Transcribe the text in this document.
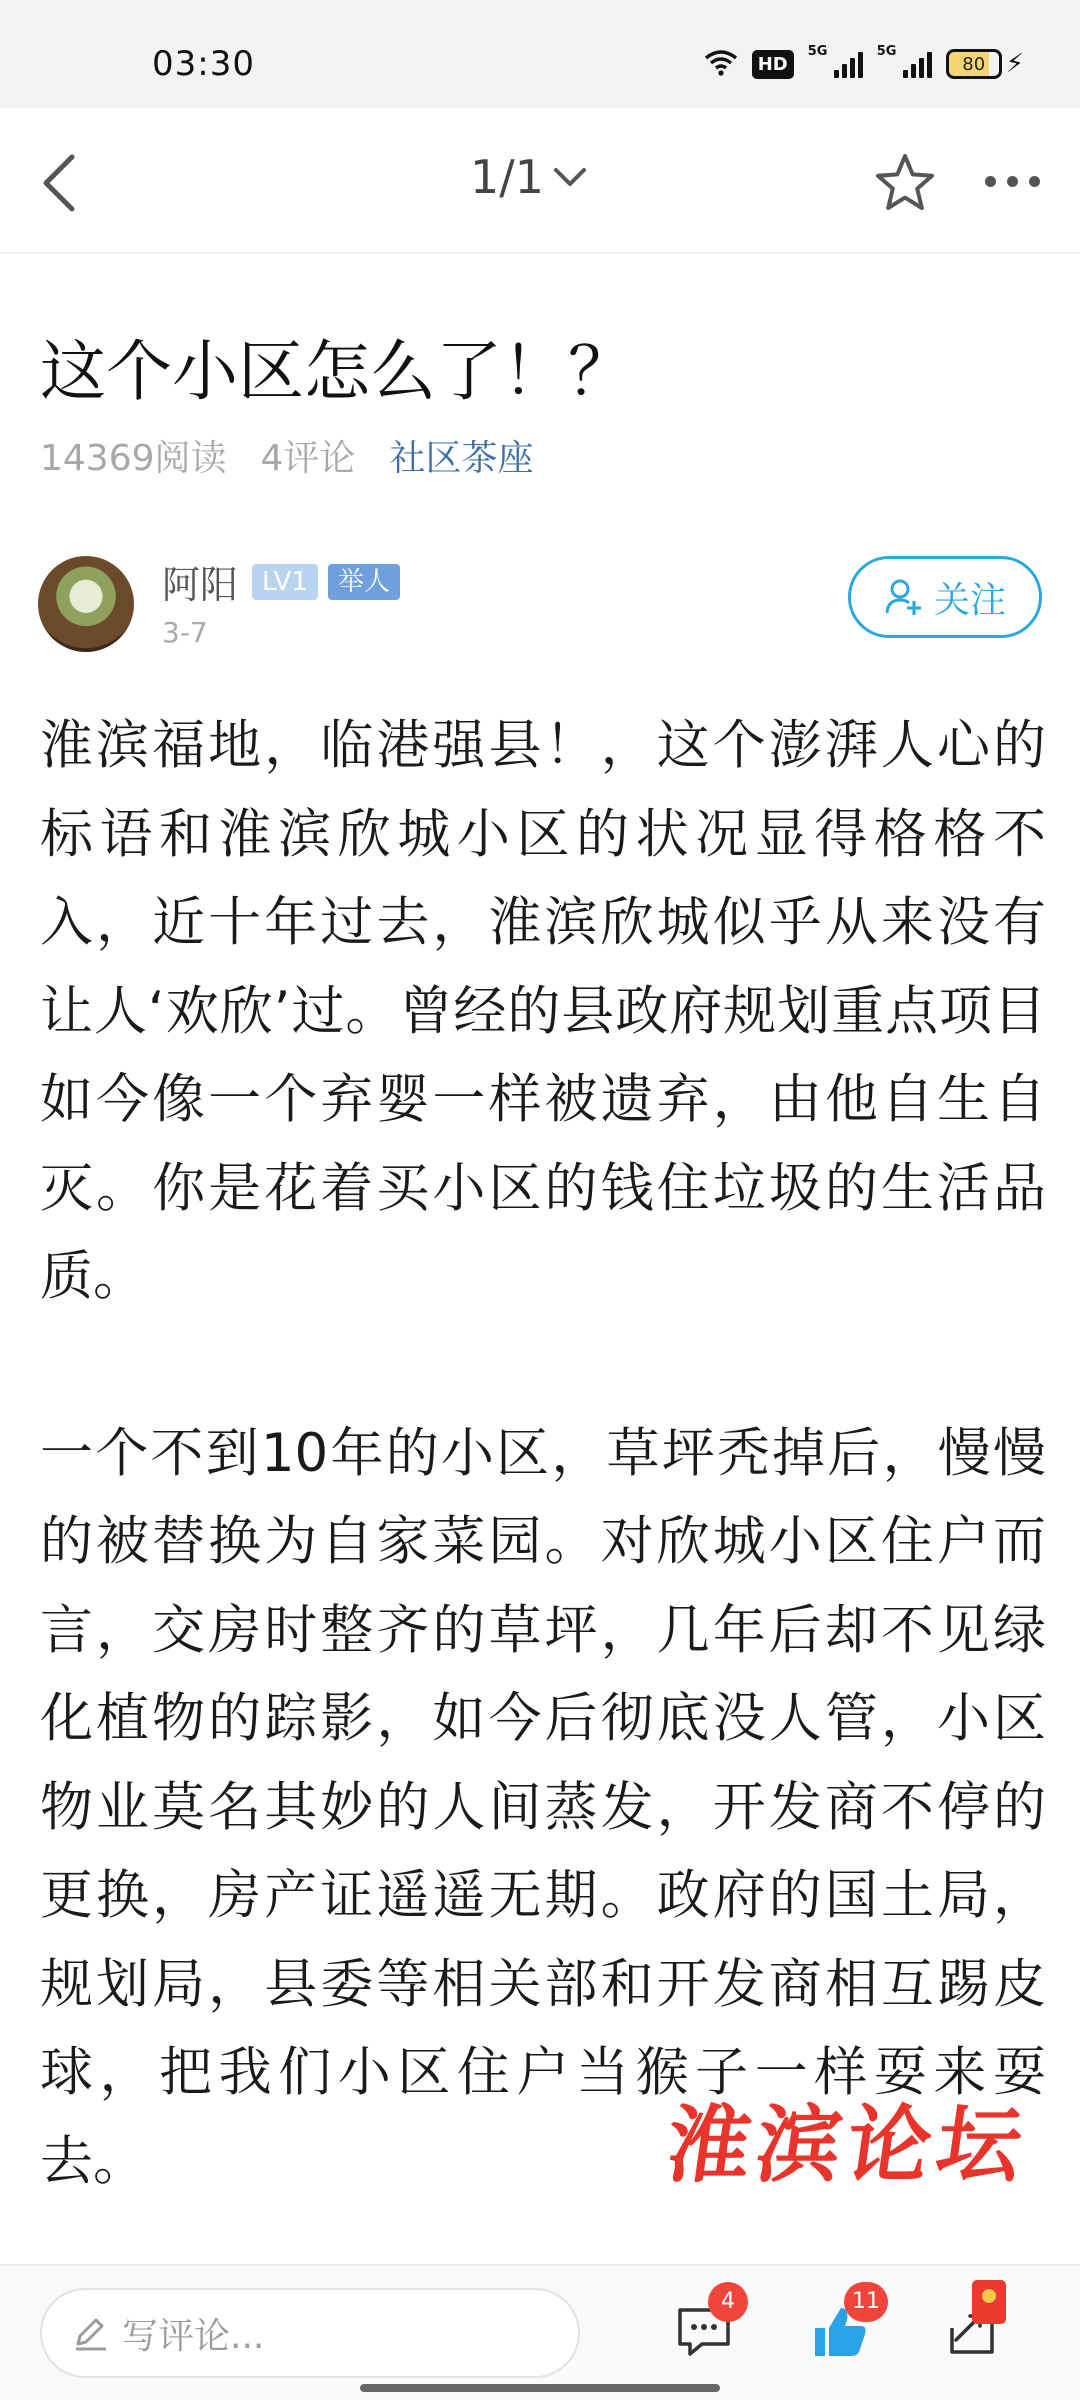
03:30	HD
5G	5G
80 ⚡
1/1
这个小区怎么了！？
14369阅读 4评论 社区茶座
阿阳 LV1	举人
3-7
关注

淮滨福地，临港强县！，这个澎湃人心的标语和淮滨欣城小区的状况显得格格不入，近十年过去，淮滨欣城似乎从来没有让人‘欢欣’过。曾经的县政府规划重点项目如今像一个弃婴一样被遗弃，由他自生自灭。你是花着买小区的钱住垃圾的生活品质。

一个不到10年的小区，草坪秃掉后，慢慢的被替换为自家菜园。对欣城小区住户而言，交房时整齐的草坪，几年后却不见绿化植物的踪影，如今后彻底没人管，小区物业莫名其妙的人间蒸发，开发商不停的更换，房产证遥遥无期。政府的国土局，规划局，县委等相关部和开发商相互踢皮球，把我们小区住户当猴子一样耍来耍去。	淮滨论坛
写评论...
4	11
